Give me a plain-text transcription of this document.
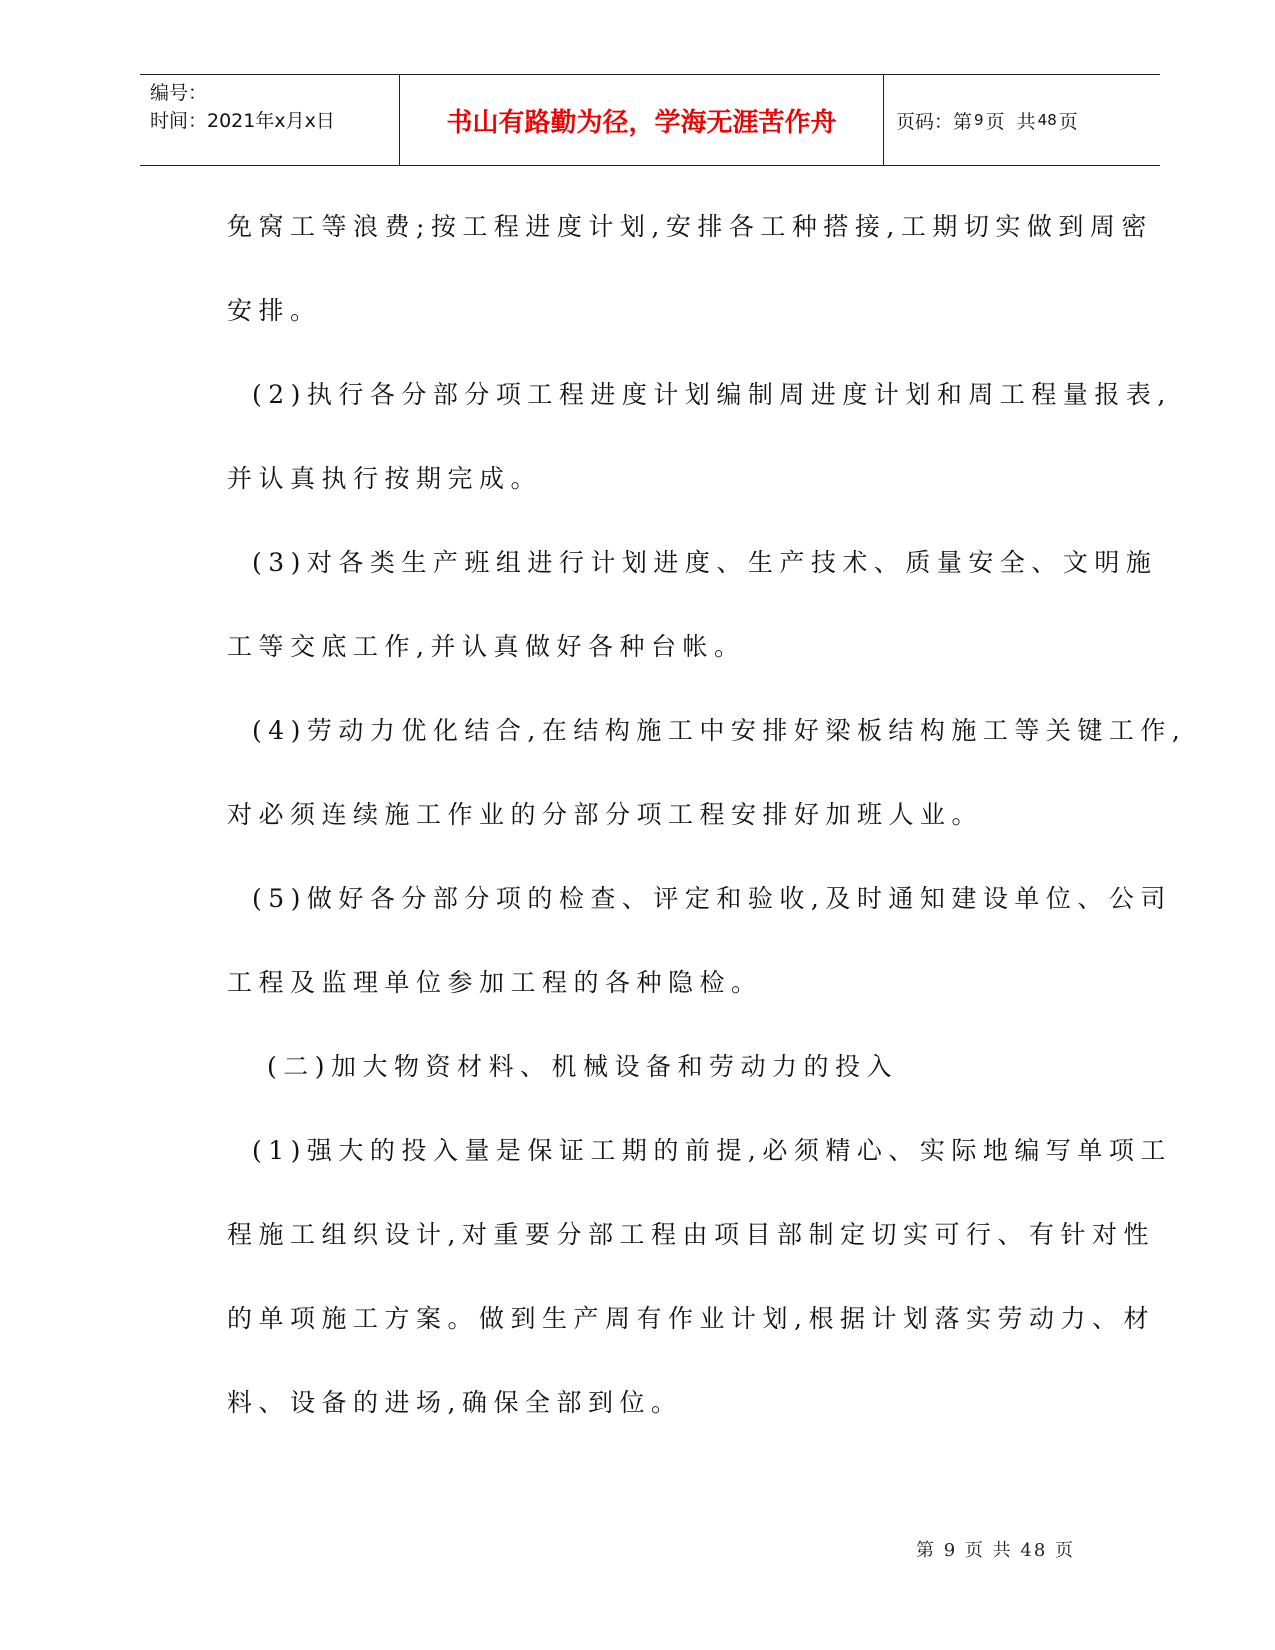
编号：
时间：2021年x月x日	书山有路勤为径，学海无涯苦作舟	页码：第 9 页  共 48 页

免窝工等浪费;按工程进度计划,安排各工种搭接,工期切实做到周密

安排。

(2)执行各分部分项工程进度计划编制周进度计划和周工程量报表,

并认真执行按期完成。

(3)对各类生产班组进行计划进度、生产技术、质量安全、文明施

工等交底工作,并认真做好各种台帐。

(4)劳动力优化结合,在结构施工中安排好梁板结构施工等关键工作,

对必须连续施工作业的分部分项工程安排好加班人业。

(5)做好各分部分项的检查、评定和验收,及时通知建设单位、公司

工程及监理单位参加工程的各种隐检。

(二)加大物资材料、机械设备和劳动力的投入

(1)强大的投入量是保证工期的前提,必须精心、实际地编写单项工

程施工组织设计,对重要分部工程由项目部制定切实可行、有针对性

的单项施工方案。做到生产周有作业计划,根据计划落实劳动力、材

料、设备的进场,确保全部到位。

第 9 页 共 48 页
